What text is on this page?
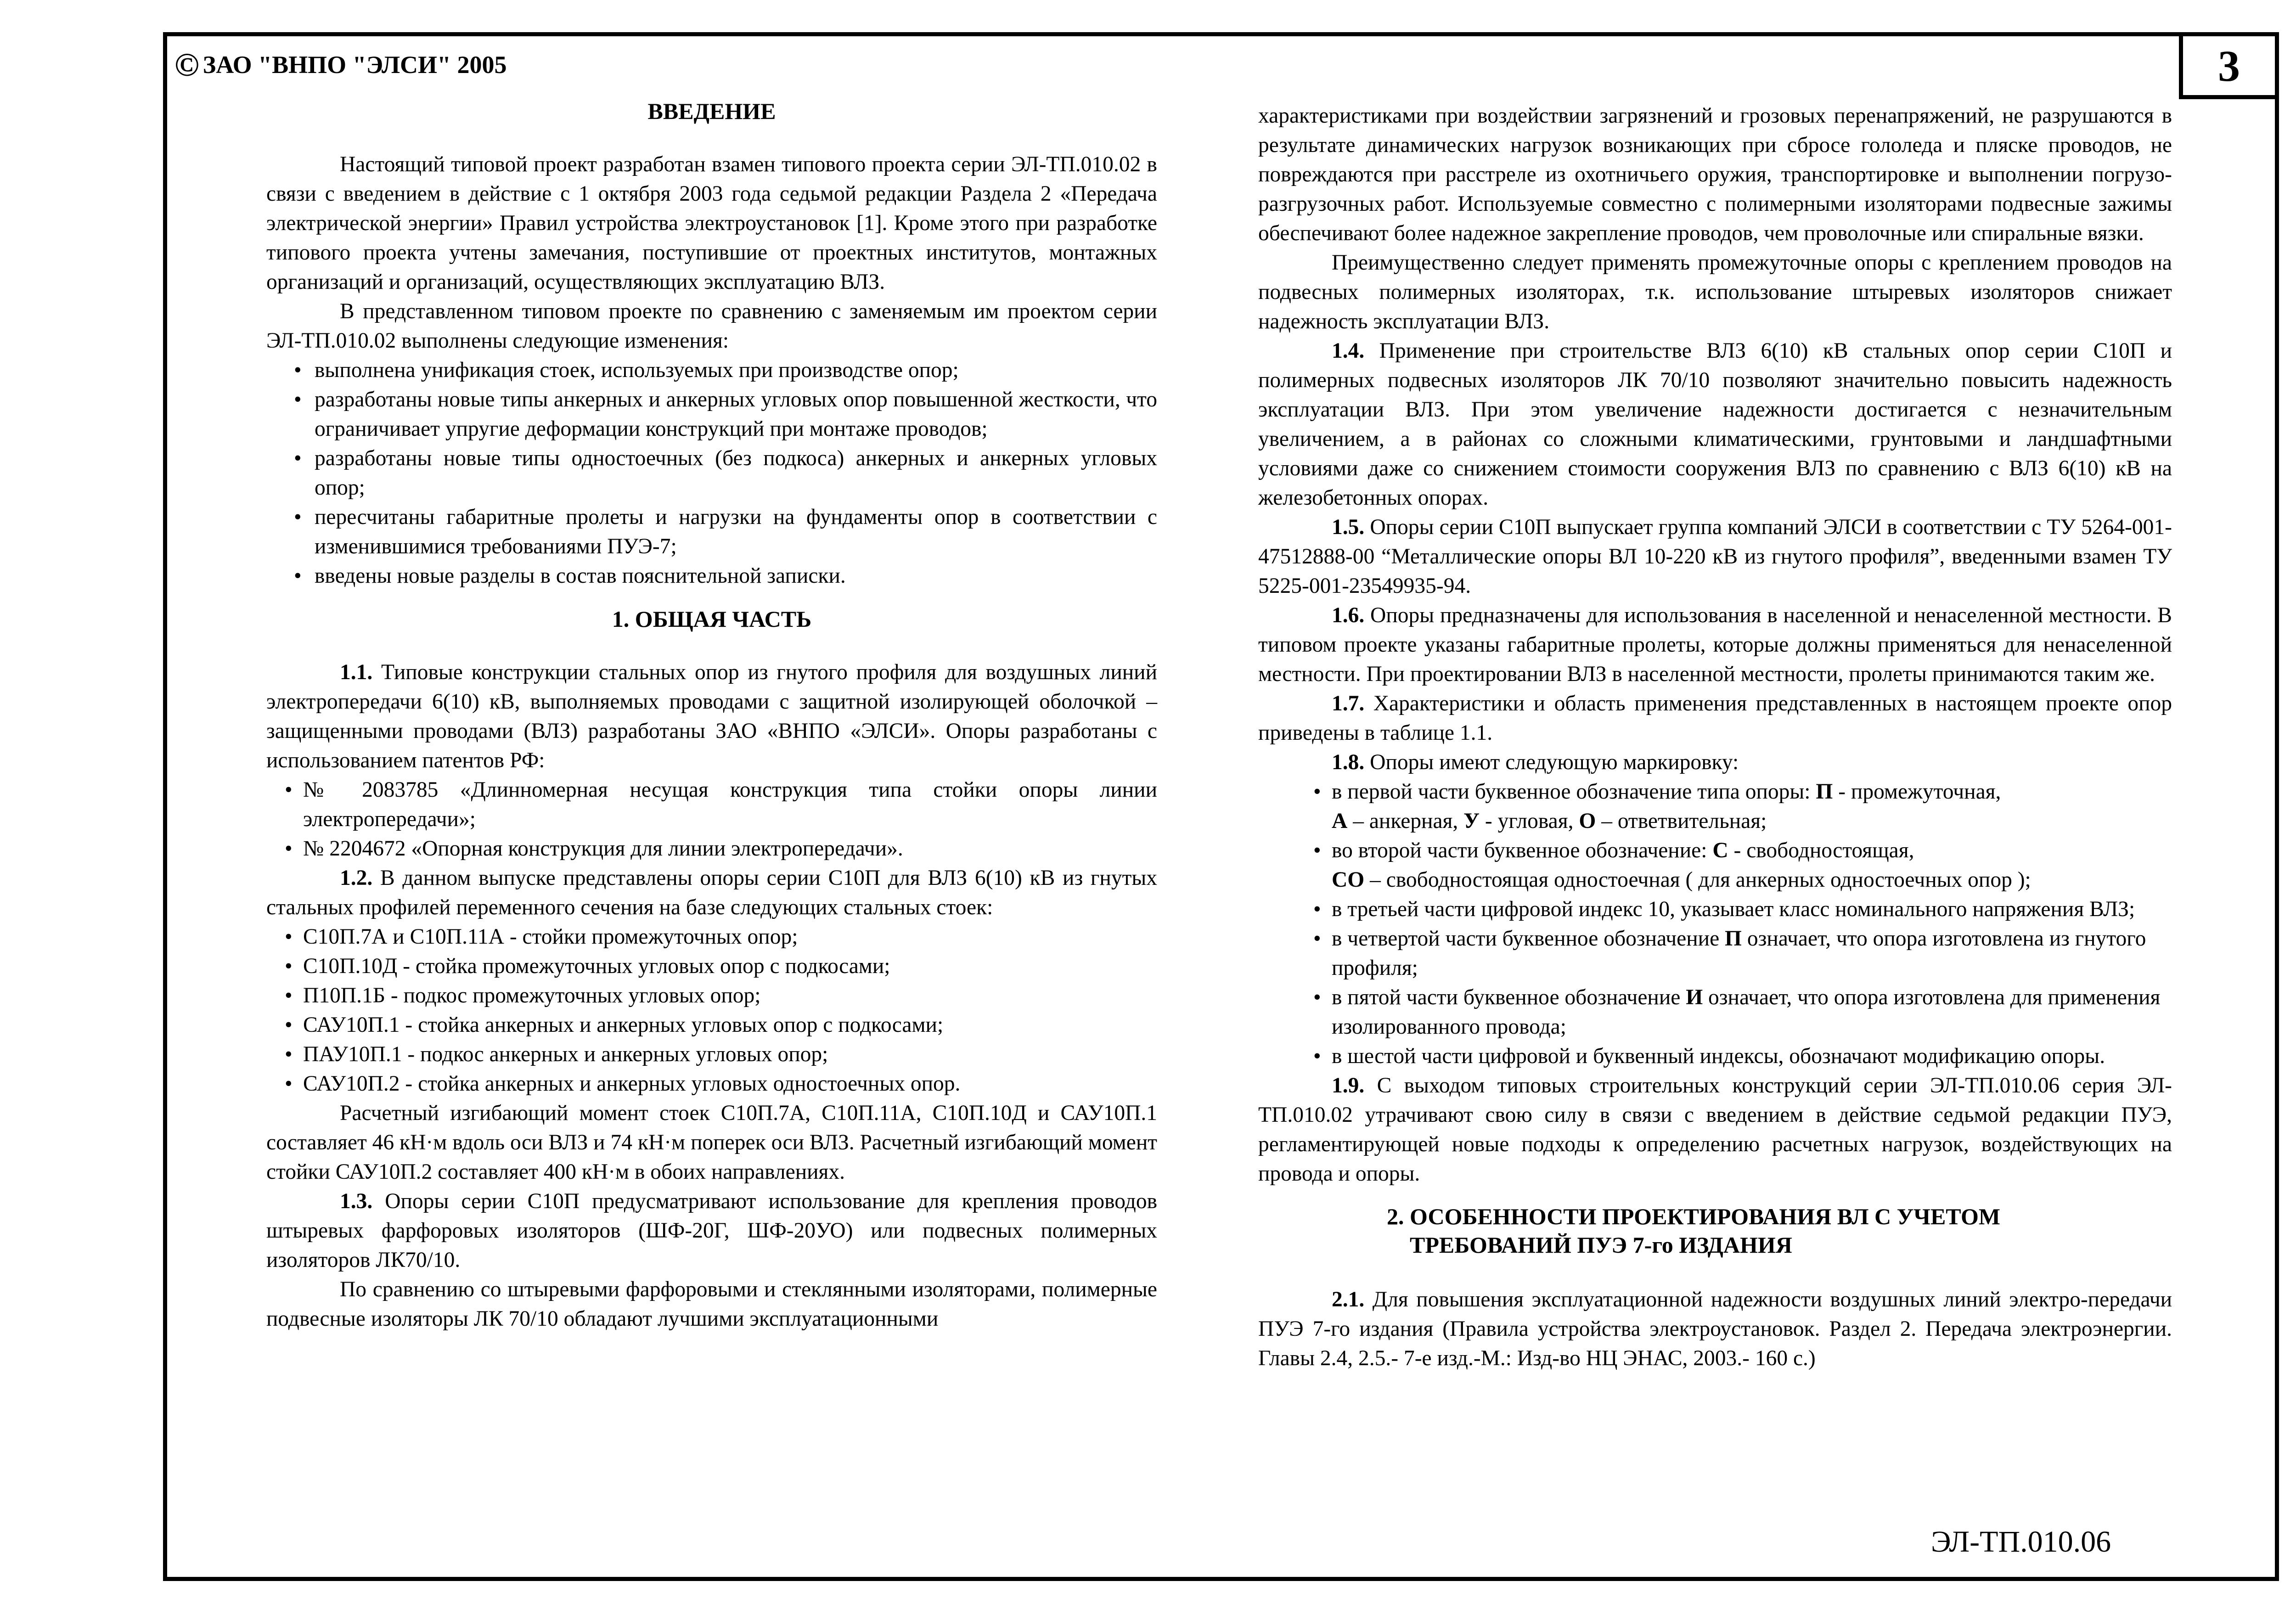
3
© ЗАО "ВНПО "ЭЛСИ" 2005
ЭЛ-ТП.010.06
ВВЕДЕНИЕ

Настоящий типовой проект разработан взамен типового проекта серии ЭЛ-ТП.010.02 в связи с введением в действие с 1 октября 2003 года седьмой редакции Раздела 2 «Передача электрической энергии» Правил устройства электроустановок [1]. Кроме этого при разработке типового проекта учтены замечания, поступившие от проектных институтов, монтажных организаций и организаций, осуществляющих эксплуатацию ВЛЗ.

В представленном типовом проекте по сравнению с заменяемым им проектом серии ЭЛ-ТП.010.02 выполнены следующие изменения:

• выполнена унификация стоек, используемых при производстве опор;
• разработаны новые типы анкерных и анкерных угловых опор повышенной жесткости, что ограничивает упругие деформации конструкций при монтаже проводов;
• разработаны новые типы одностоечных (без подкоса) анкерных и анкерных угловых опор;
• пересчитаны габаритные пролеты и нагрузки на фундаменты опор в соответствии с изменившимися требованиями ПУЭ-7;
• введены новые разделы в состав пояснительной записки.
1. ОБЩАЯ ЧАСТЬ

1.1. Типовые конструкции стальных опор из гнутого профиля для воздушных линий электропередачи 6(10) кВ, выполняемых проводами с защитной изолирующей оболочкой – защищенными проводами (ВЛЗ) разработаны ЗАО «ВНПО «ЭЛСИ». Опоры разработаны с использованием патентов РФ:

• № 2083785 «Длинномерная несущая конструкция типа стойки опоры линии электропередачи»;
• № 2204672 «Опорная конструкция для линии электропередачи».

1.2. В данном выпуске представлены опоры серии С10П для ВЛЗ 6(10) кВ из гнутых стальных профилей переменного сечения на базе следующих стальных стоек:

• С10П.7А и С10П.11А - стойки промежуточных опор;
• С10П.10Д - стойка промежуточных угловых опор с подкосами;
• П10П.1Б - подкос промежуточных угловых опор;
• САУ10П.1 - стойка анкерных и анкерных угловых опор с подкосами;
• ПАУ10П.1 - подкос анкерных и анкерных угловых опор;
• САУ10П.2 - стойка анкерных и анкерных угловых одностоечных опор.

Расчетный изгибающий момент стоек С10П.7А, С10П.11А, С10П.10Д и САУ10П.1 составляет 46 кН·м вдоль оси ВЛЗ и 74 кН·м поперек оси ВЛЗ. Расчетный изгибающий момент стойки САУ10П.2 составляет 400 кН·м в обоих направлениях.

1.3. Опоры серии С10П предусматривают использование для крепления проводов штыревых фарфоровых изоляторов (ШФ-20Г, ШФ-20УО) или подвесных полимерных изоляторов ЛК70/10.

По сравнению со штыревыми фарфоровыми и стеклянными изоляторами, полимерные подвесные изоляторы ЛК 70/10 обладают лучшими эксплуатационными

характеристиками при воздействии загрязнений и грозовых перенапряжений, не разрушаются в результате динамических нагрузок возникающих при сбросе гололеда и пляске проводов, не повреждаются при расстреле из охотничьего оружия, транспортировке и выполнении погрузо-разгрузочных работ. Используемые совместно с полимерными изоляторами подвесные зажимы обеспечивают более надежное закрепление проводов, чем проволочные или спиральные вязки.

Преимущественно следует применять промежуточные опоры с креплением проводов на подвесных полимерных изоляторах, т.к. использование штыревых изоляторов снижает надежность эксплуатации ВЛЗ.

1.4. Применение при строительстве ВЛЗ 6(10) кВ стальных опор серии С10П и полимерных подвесных изоляторов ЛК 70/10 позволяют значительно повысить надежность эксплуатации ВЛЗ. При этом увеличение надежности достигается с незначительным увеличением, а в районах со сложными климатическими, грунтовыми и ландшафтными условиями даже со снижением стоимости сооружения ВЛЗ по сравнению с ВЛЗ 6(10) кВ на железобетонных опорах.

1.5. Опоры серии С10П выпускает группа компаний ЭЛСИ в соответствии с ТУ 5264-001-47512888-00 “Металлические опоры ВЛ 10-220 кВ из гнутого профиля”, введенными взамен ТУ 5225-001-23549935-94.

1.6. Опоры предназначены для использования в населенной и ненаселенной местности. В типовом проекте указаны габаритные пролеты, которые должны применяться для ненаселенной местности. При проектировании ВЛЗ в населенной местности, пролеты принимаются таким же.

1.7. Характеристики и область применения представленных в настоящем проекте опор приведены в таблице 1.1.

1.8. Опоры имеют следующую маркировку:

• в первой части буквенное обозначение типа опоры: П - промежуточная,
А – анкерная, У - угловая, О – ответвительная;
• во второй части буквенное обозначение: С - свободностоящая,
СО – свободностоящая одностоечная ( для анкерных одностоечных опор );
• в третьей части цифровой индекс 10, указывает класс номинального напряжения ВЛЗ;
• в четвертой части буквенное обозначение П означает, что опора изготовлена из гнутого профиля;
• в пятой части буквенное обозначение И означает, что опора изготовлена для применения изолированного провода;
• в шестой части цифровой и буквенный индексы, обозначают модификацию опоры.

1.9. С выходом типовых строительных конструкций серии ЭЛ-ТП.010.06 серия ЭЛ-ТП.010.02 утрачивают свою силу в связи с введением в действие седьмой редакции ПУЭ, регламентирующей новые подходы к определению расчетных нагрузок, воздействующих на провода и опоры.

2. ОСОБЕННОСТИ ПРОЕКТИРОВАНИЯ ВЛ С УЧЕТОМ
ТРЕБОВАНИЙ ПУЭ 7-го ИЗДАНИЯ

2.1. Для повышения эксплуатационной надежности воздушных линий электро-передачи ПУЭ 7-го издания (Правила устройства электроустановок. Раздел 2. Передача электроэнергии. Главы 2.4, 2.5.- 7-е изд.-М.: Изд-во НЦ ЭНАС, 2003.- 160 с.)
